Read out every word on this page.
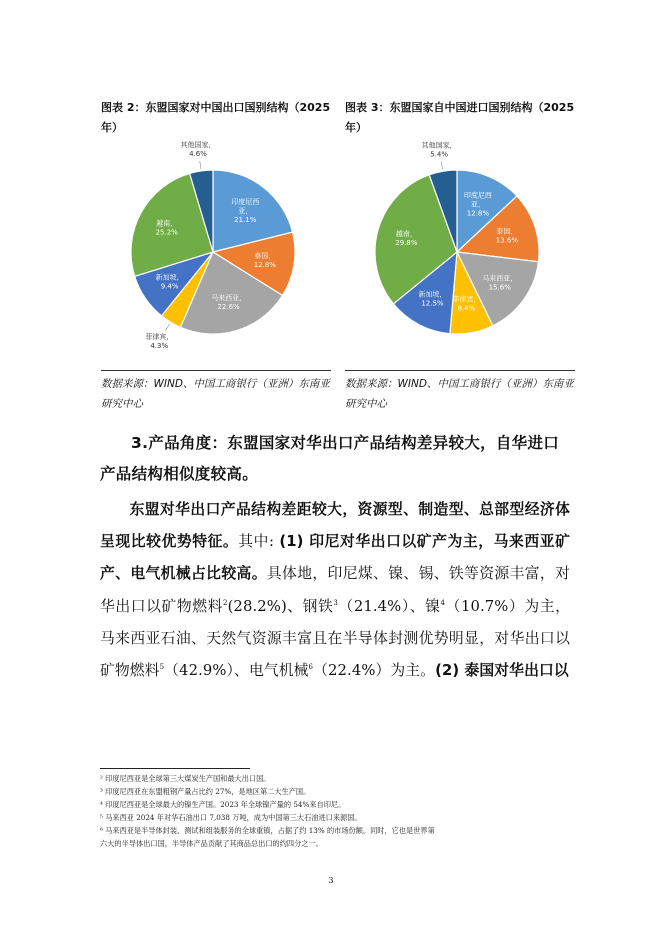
图表 2：东盟国家对中国出口国别结构（2025年）
印度尼西亚， 21.1%
泰国， 12.8%
马来西亚， 22.6%
菲律宾， 4.3%
新加坡， 9.4%
越南， 25.2%
其他国家， 4.6%
数据来源：WIND、中国工商银行（亚洲）东南亚研究中心
图表 3：东盟国家自中国进口国别结构（2025年）
印度尼西亚， 12.8%
泰国， 13.6%
马来西亚， 15.6%
菲律宾， 8.4%
新加坡， 12.5%
越南， 29.8%
其他国家， 5.4%
数据来源：WIND、中国工商银行（亚洲）东南亚研究中心
3.产品角度：东盟国家对华出口产品结构差异较大，自华进口产品结构相似度较高。

东盟对华出口产品结构差距较大，资源型、制造型、总部型经济体呈现比较优势特征。其中: (1) 印尼对华出口以矿产为主，马来西亚矿产、电气机械占比较高。具体地，印尼煤、镍、锡、铁等资源丰富，对华出口以矿物燃料$^2$(28.2%)、钢铁$^3$（21.4%）、镍$^4$（10.7%）为主，马来西亚石油、天然气资源丰富且在半导体封测优势明显，对华出口以矿物燃料$^5$（42.9%）、电气机械$^6$（22.4%）为主。(2) 泰国对华出口以

² 印度尼西亚是全球第三大煤炭生产国和最大出口国。
³ 印度尼西亚在东盟粗钢产量占比约 27%，是地区第二大生产国。
⁴ 印度尼西亚是全球最大的镍生产国。2023 年全球镍产量的 54%来自印尼。
⁵ 马来西亚 2024 年对华石油出口 7,038 万吨，成为中国第三大石油进口来源国。
⁶ 马来西亚是半导体封装、测试和组装服务的全球重镇，占据了约 13% 的市场份额。同时，它也是世界第
六大的半导体出口国，半导体产品贡献了其商品总出口的约四分之一。
3
